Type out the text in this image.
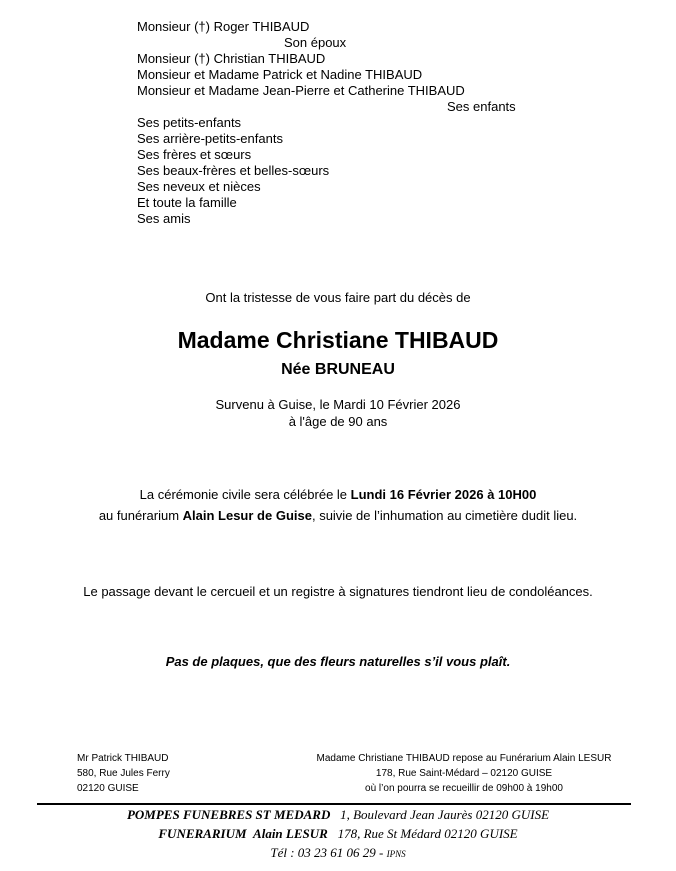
Monsieur (†) Roger THIBAUD
Son époux
Monsieur (†) Christian THIBAUD
Monsieur et Madame Patrick et Nadine THIBAUD
Monsieur et Madame Jean-Pierre et Catherine THIBAUD
Ses enfants
Ses petits-enfants
Ses arrière-petits-enfants
Ses frères et sœurs
Ses beaux-frères et belles-sœurs
Ses neveux et nièces
Et toute la famille
Ses amis
Ont la tristesse de vous faire part du décès de
Madame Christiane THIBAUD
Née BRUNEAU
Survenu à Guise, le Mardi 10 Février 2026
à l'âge de 90 ans
La cérémonie civile sera célébrée le Lundi 16 Février 2026 à 10H00
au funérarium Alain Lesur de Guise, suivie de l’inhumation au cimetière dudit lieu.
Le passage devant le cercueil et un registre à signatures tiendront lieu de condoléances.
Pas de plaques, que des fleurs naturelles s’il vous plaît.
Mr Patrick THIBAUD
580, Rue Jules Ferry
02120 GUISE
Madame Christiane THIBAUD repose au Funérarium Alain LESUR
178, Rue Saint-Médard – 02120 GUISE
où l’on pourra se recueillir de 09h00 à 19h00
POMPES FUNEBRES ST MEDARD 1, Boulevard Jean Jaurès 02120 GUISE
FUNERARIUM Alain LESUR 178, Rue St Médard 02120 GUISE
Tél : 03 23 61 06 29 - IPNS
